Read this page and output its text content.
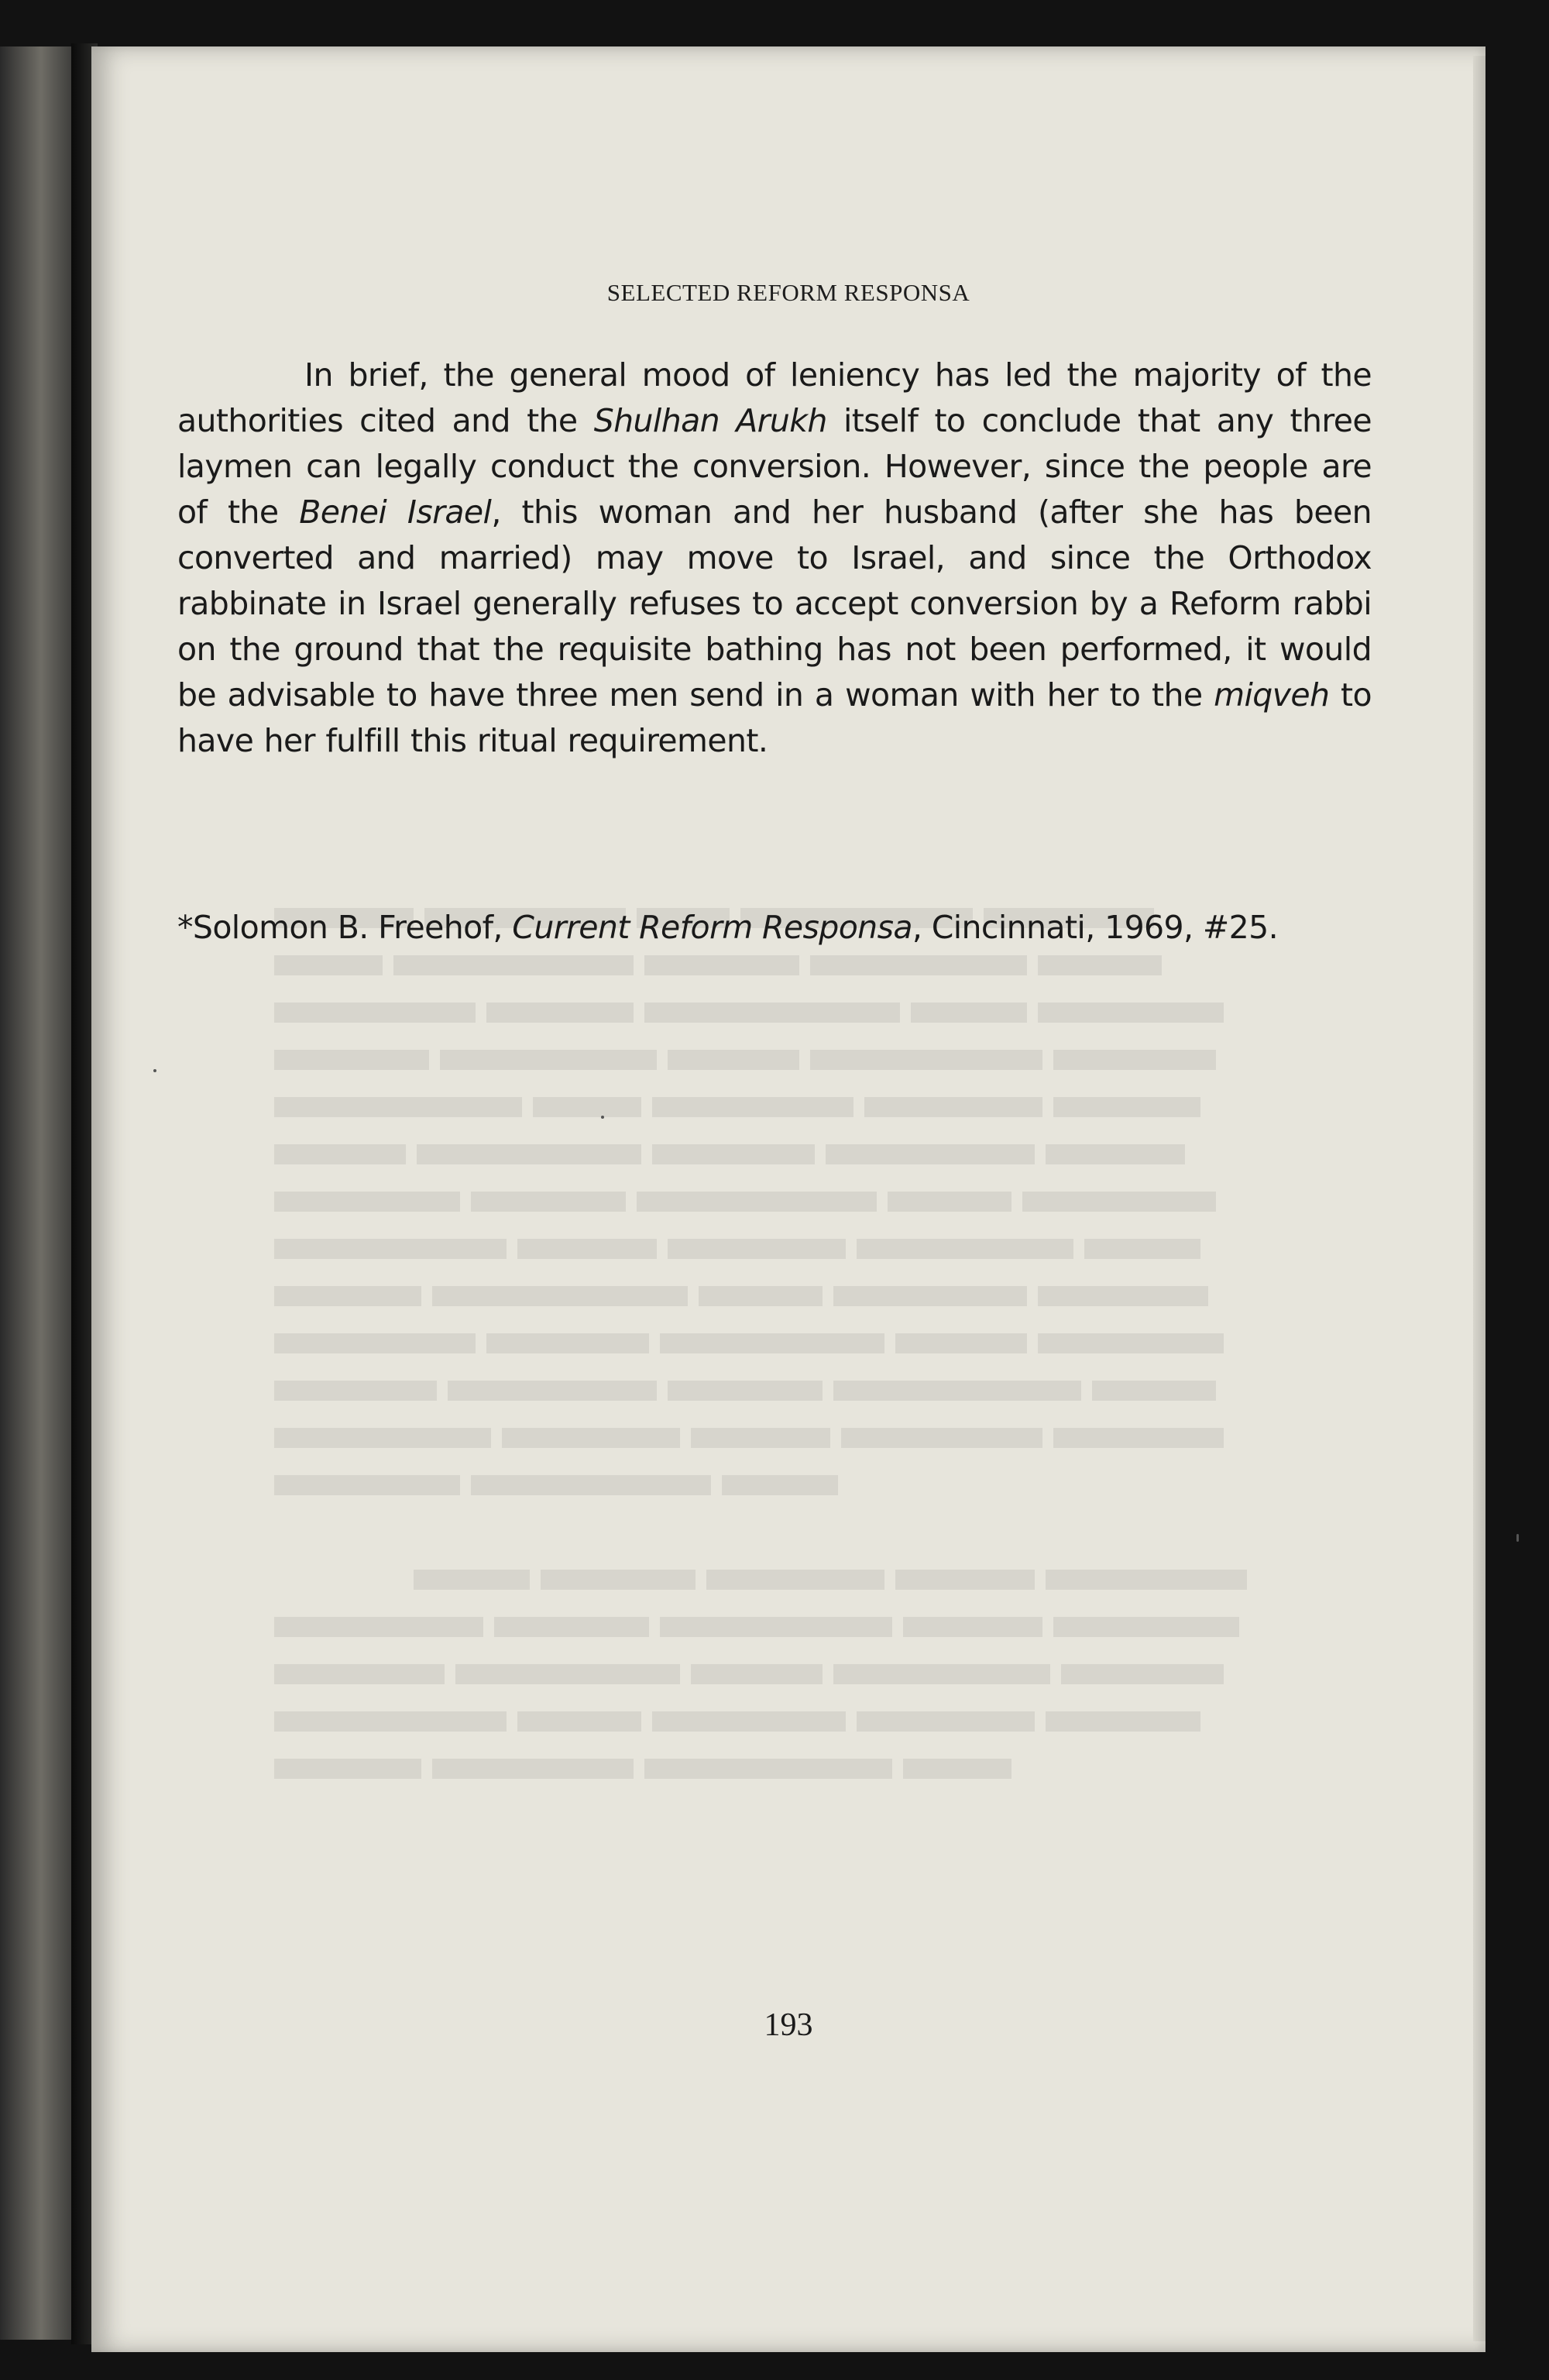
SELECTED REFORM RESPONSA
In brief, the general mood of leniency has led the majority of the authorities cited and the Shulhan Arukh itself to conclude that any three laymen can legally conduct the conversion. However, since the people are of the Benei Israel, this woman and her husband (after she has been converted and married) may move to Israel, and since the Orthodox rabbinate in Israel generally refuses to accept conversion by a Reform rabbi on the ground that the requisite bathing has not been performed, it would be advisable to have three men send in a woman with her to the miqveh to have her fulfill this ritual requirement.
*Solomon B. Freehof, Current Reform Responsa, Cincinnati, 1969, #25.
193
